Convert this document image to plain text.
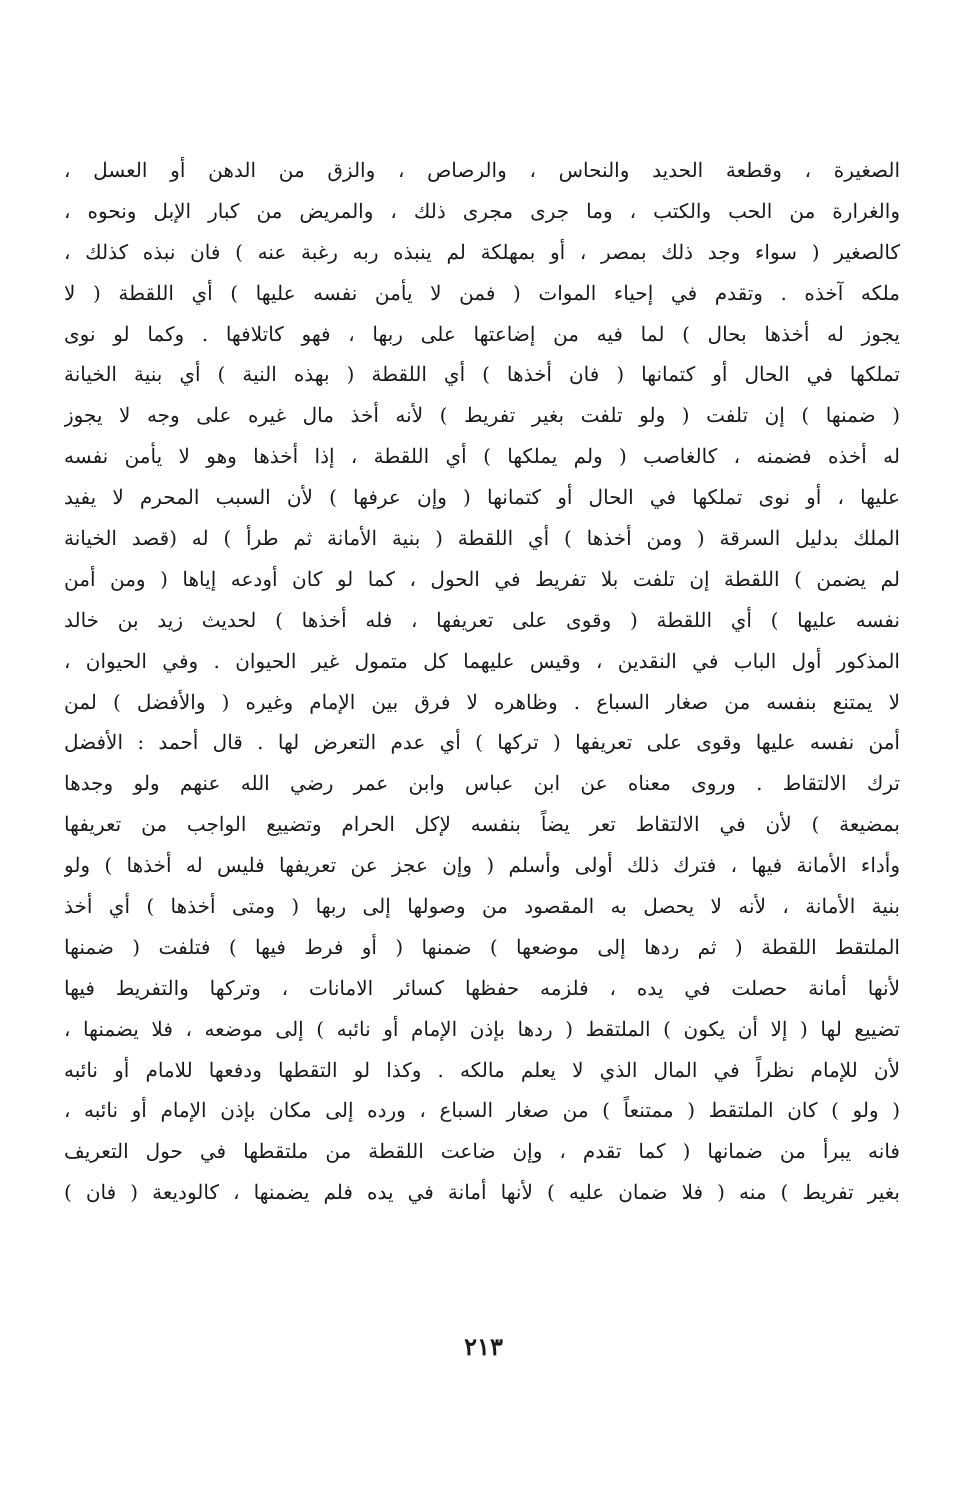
الصغيرة ، وقطعة الحديد والنحاس ، والرصاص ، والزق من الدهن أو العسل ،
والغرارة من الحب والكتب ، وما جرى مجرى ذلك ، والمريض من كبار الإبل ونحوه ،
كالصغير ( سواء وجد ذلك بمصر ، أو بمهلكة لم ينبذه ربه رغبة عنه ) فان نبذه كذلك ،
ملكه آخذه . وتقدم في إحياء الموات ( فمن لا يأمن نفسه عليها ) أي اللقطة ( لا
يجوز له أخذها بحال ) لما فيه من إضاعتها على ربها ، فهو كاتلافها . وكما لو نوى
تملكها في الحال أو كتمانها ( فان أخذها ) أي اللقطة ( بهذه النية ) أي بنية الخيانة
( ضمنها ) إن تلفت ( ولو تلفت بغير تفريط ) لأنه أخذ مال غيره على وجه لا يجوز
له أخذه فضمنه ، كالغاصب ( ولم يملكها ) أي اللقطة ، إذا أخذها وهو لا يأمن نفسه
عليها ، أو نوى تملكها في الحال أو كتمانها ( وإن عرفها ) لأن السبب المحرم لا يفيد
الملك بدليل السرقة ( ومن أخذها ) أي اللقطة ( بنية الأمانة ثم طرأ ) له (قصد الخيانة
لم يضمن ) اللقطة إن تلفت بلا تفريط في الحول ، كما لو كان أودعه إياها ( ومن أمن
نفسه عليها ) أي اللقطة ( وقوى على تعريفها ، فله أخذها ) لحديث زيد بن خالد
المذكور أول الباب في النقدين ، وقيس عليهما كل متمول غير الحيوان . وفي الحيوان ،
لا يمتنع بنفسه من صغار السباع . وظاهره لا فرق بين الإمام وغيره ( والأفضل ) لمن
أمن نفسه عليها وقوى على تعريفها ( تركها ) أي عدم التعرض لها . قال أحمد : الأفضل
ترك الالتقاط . وروى معناه عن ابن عباس وابن عمر رضي الله عنهم ولو وجدها
بمضيعة ) لأن في الالتقاط تعر يضاً بنفسه لإكل الحرام وتضييع الواجب من تعريفها
وأداء الأمانة فيها ، فترك ذلك أولى وأسلم ( وإن عجز عن تعريفها فليس له أخذها ) ولو
بنية الأمانة ، لأنه لا يحصل به المقصود من وصولها إلى ربها ( ومتى أخذها ) أي أخذ
الملتقط اللقطة ( ثم ردها إلى موضعها ) ضمنها ( أو فرط فيها ) فتلفت ( ضمنها
لأنها أمانة حصلت في يده ، فلزمه حفظها كسائر الامانات ، وتركها والتفريط فيها
تضييع لها ( إلا أن يكون ) الملتقط ( ردها بإذن الإمام أو نائبه ) إلى موضعه ، فلا يضمنها ،
لأن للإمام نظراً في المال الذي لا يعلم مالكه . وكذا لو التقطها ودفعها للامام أو نائبه
( ولو ) كان الملتقط ( ممتنعاً ) من صغار السباع ، ورده إلى مكان بإذن الإمام أو نائبه ،
فانه يبرأ من ضمانها ( كما تقدم ، وإن ضاعت اللقطة من ملتقطها في حول التعريف
بغير تفريط ) منه ( فلا ضمان عليه ) لأنها أمانة في يده فلم يضمنها ، كالوديعة ( فان )
٢١٣
